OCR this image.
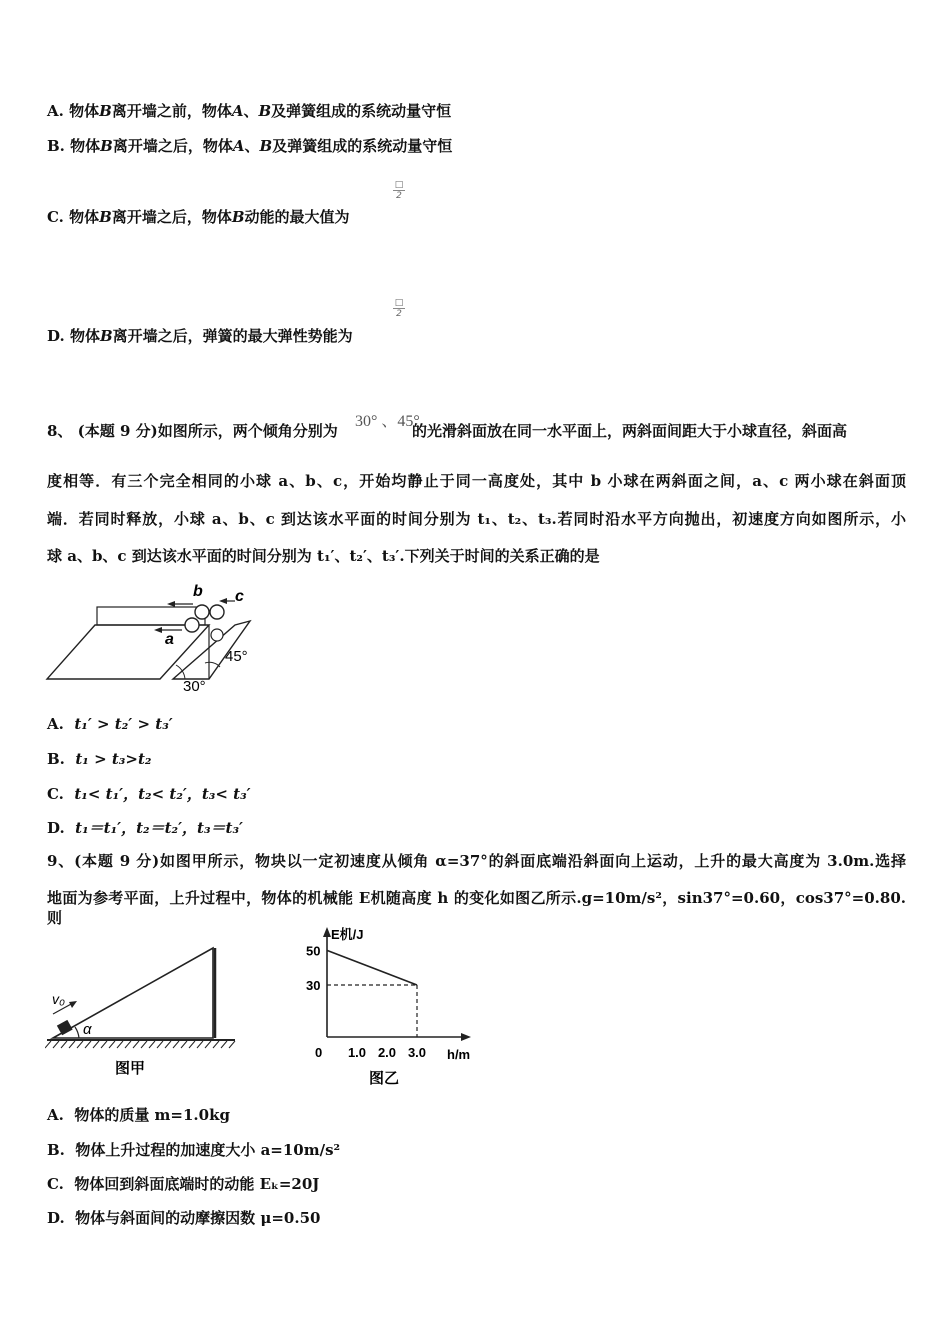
A. 物体B离开墙之前，物体A、B及弹簧组成的系统动量守恒
B. 物体B离开墙之后，物体A、B及弹簧组成的系统动量守恒
□
2
C. 物体B离开墙之后，物体B动能的最大值为
□
2
D. 物体B离开墙之后，弹簧的最大弹性势能为
8、 (本题 9 分)如图所示，两个倾角分别为
30° 、45°
的光滑斜面放在同一水平面上，两斜面间距大于小球直径，斜面高
度相等．有三个完全相同的小球 a、b、c，开始均静止于同一高度处，其中 b 小球在两斜面之间，a、c 两小球在斜面顶
端．若同时释放，小球 a、b、c 到达该水平面的时间分别为 t₁、t₂、t₃.若同时沿水平方向抛出，初速度方向如图所示，小
球 a、b、c 到达该水平面的时间分别为 t₁′、t₂′、t₃′.下列关于时间的关系正确的是
a
b c
45°
30°
A. t₁′ > t₂′ > t₃′
B. t₁ > t₃>t₂
C. t₁< t₁′，t₂< t₂′，t₃< t₃′
D. t₁＝t₁′，t₂＝t₂′，t₃＝t₃′
9、(本题 9 分)如图甲所示，物块以一定初速度从倾角 α=37°的斜面底端沿斜面向上运动，上升的最大高度为 3.0m.选择
地面为参考平面，上升过程中，物体的机械能 E机随高度 h 的变化如图乙所示.g=10m/s²，sin37°=0.60，cos37°=0.80.则
v₀
α
图甲
E机/J
h/m
50
30
0 1.0 2.0 3.0
图乙
A. 物体的质量 m=1.0kg
B. 物体上升过程的加速度大小 a=10m/s²
C. 物体回到斜面底端时的动能 Eₖ=20J
D. 物体与斜面间的动摩擦因数 μ=0.50
